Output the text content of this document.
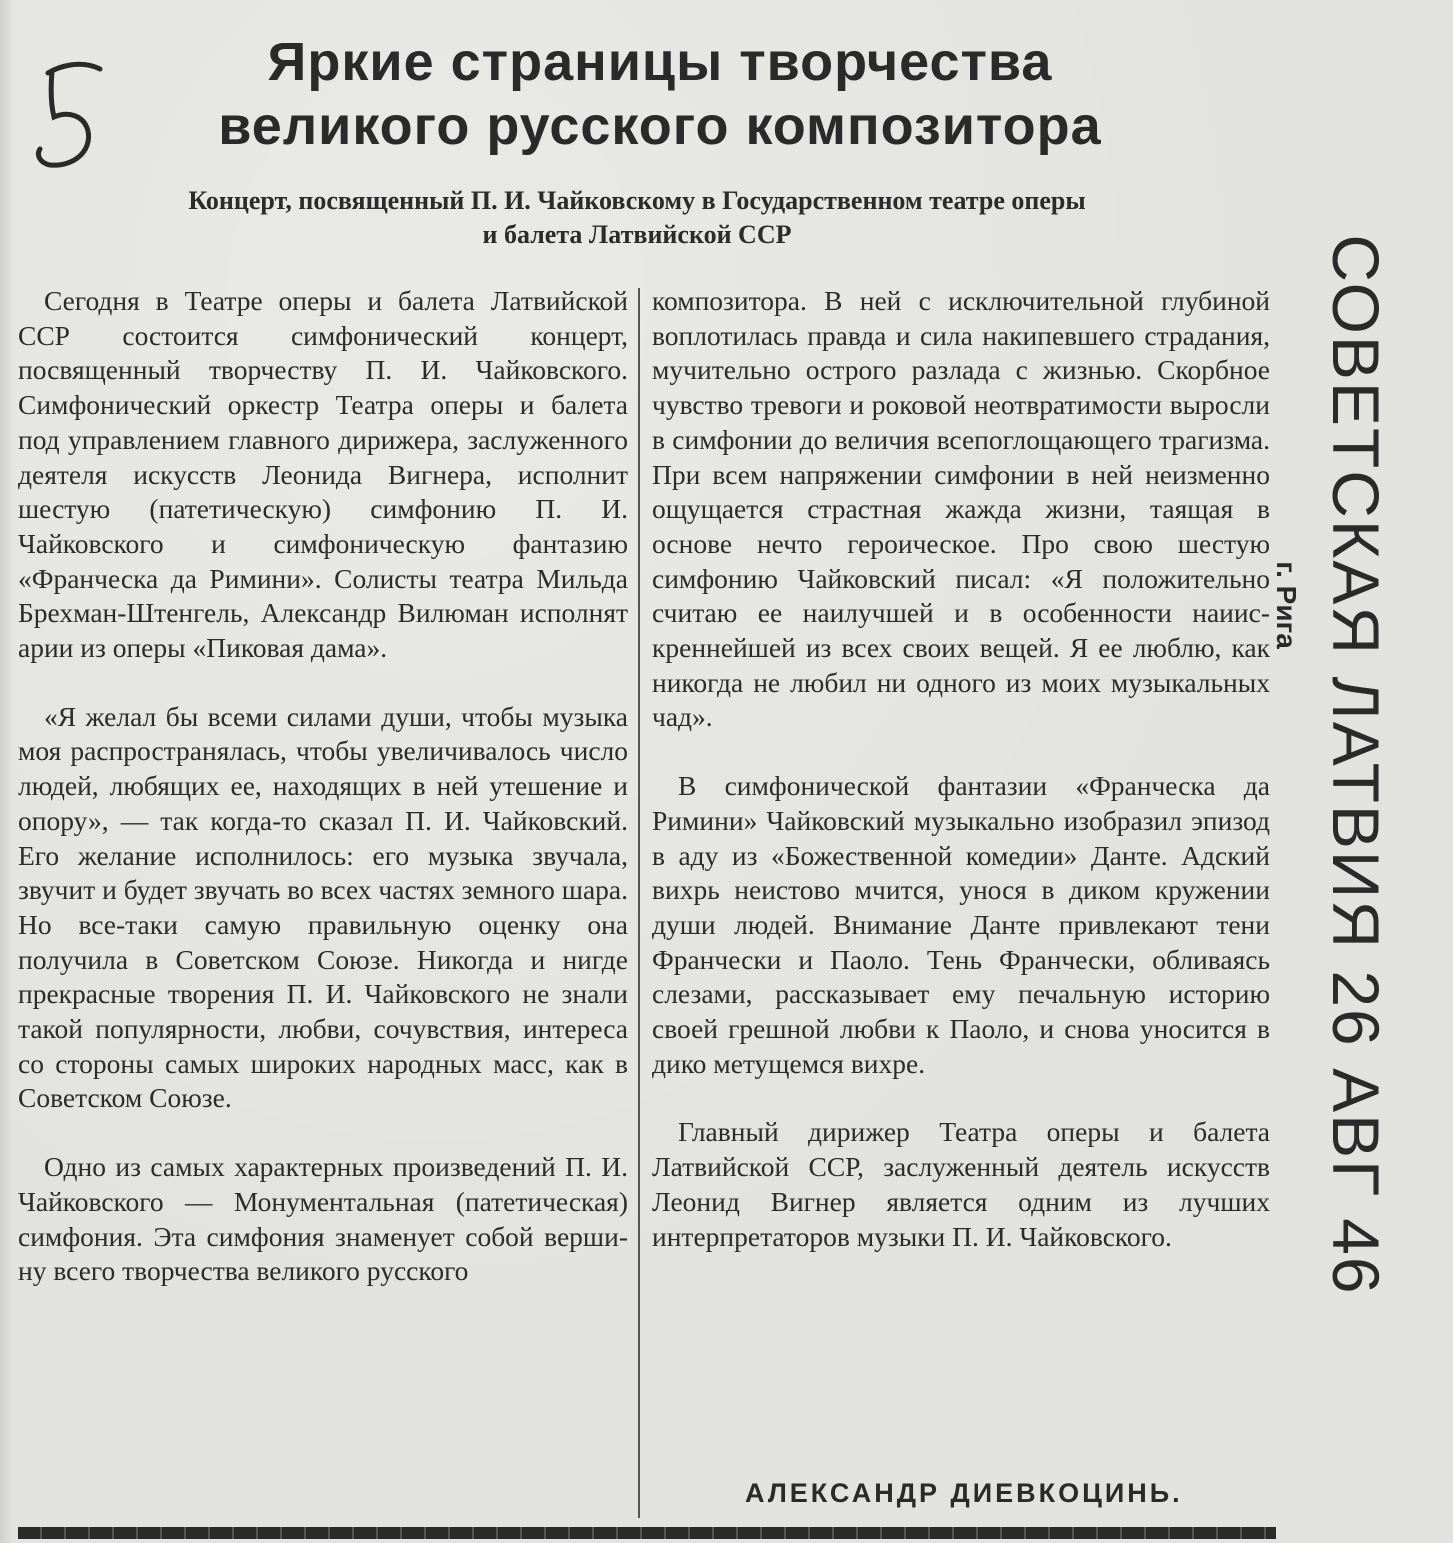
Яркие страницы творчества
великого русского композитора
Концерт, посвященный П. И. Чайковскому в Государственном театре оперы
и балета Латвийской ССР

Сегодня в Театре оперы и балета Латвийской ССР состоится симфонический концерт, посвященный творчеству П. И. Чайковского. Симфонический оркестр Театра оперы и балета под управлением главного дирижера, заслуженного деятеля искусств Леонида Вигнера, исполнит шестую (патетическую) симфонию П. И. Чайковского и симфоническую фантазию «Франческа да Римини». Солисты театра Мильда Брехман-Штенгель, Александр Вилюман исполнят арии из оперы «Пиковая дама».

«Я желал бы всеми силами души, чтобы музыка моя распространялась, чтобы увеличивалось число людей, любящих ее, находящих в ней утешение и опору», — так когда-то сказал П. И. Чайковский. Его желание исполнилось: его музыка звучала, звучит и будет звучать во всех частях земного шара. Но все-таки самую правильную оценку она получила в Советском Союзе. Никогда и нигде прекрасные творения П. И. Чайковского не знали такой популярности, любви, сочувствия, интереса со стороны самых широких народных масс, как в Советском Союзе.

Одно из самых характерных произведений П. И. Чайковского — Монументальная (патетическая) симфония. Эта симфония знаменует собой вершину всего творчества великого русского

композитора. В ней с исключительной глубиной воплотилась правда и сила накипевшего страдания, мучительно острого разлада с жизнью. Скорбное чувство тревоги и роковой неотвратимости выросли в симфонии до величия всепоглощающего трагизма. При всем напряжении симфонии в ней неизменно ощущается страстная жажда жизни, таящая в основе нечто героическое. Про свою шестую симфонию Чайковский писал: «Я положительно считаю ее наилучшей и в особенности наиискреннейшей из всех своих вещей. Я ее люблю, как никогда не любил ни одного из моих музыкальных чад».

В симфонической фантазии «Франческа да Римини» Чайковский музыкально изобразил эпизод в аду из «Божественной комедии» Данте. Адский вихрь неистово мчится, унося в диком кружении души людей. Внимание Данте привлекают тени Франчески и Паоло. Тень Франчески, обливаясь слезами, рассказывает ему печальную историю своей грешной любви к Паоло, и снова уносится в дико метущемся вихре.

Главный дирижер Театра оперы и балета Латвийской ССР, заслуженный деятель искусств Леонид Вигнер является одним из лучших интерпретаторов музыки П. И. Чайковского.

АЛЕКСАНДР ДИЕВКОЦИНЬ.
СОВЕТСКАЯ ЛАТВИЯ 26 АВГ 46
г. Рига
